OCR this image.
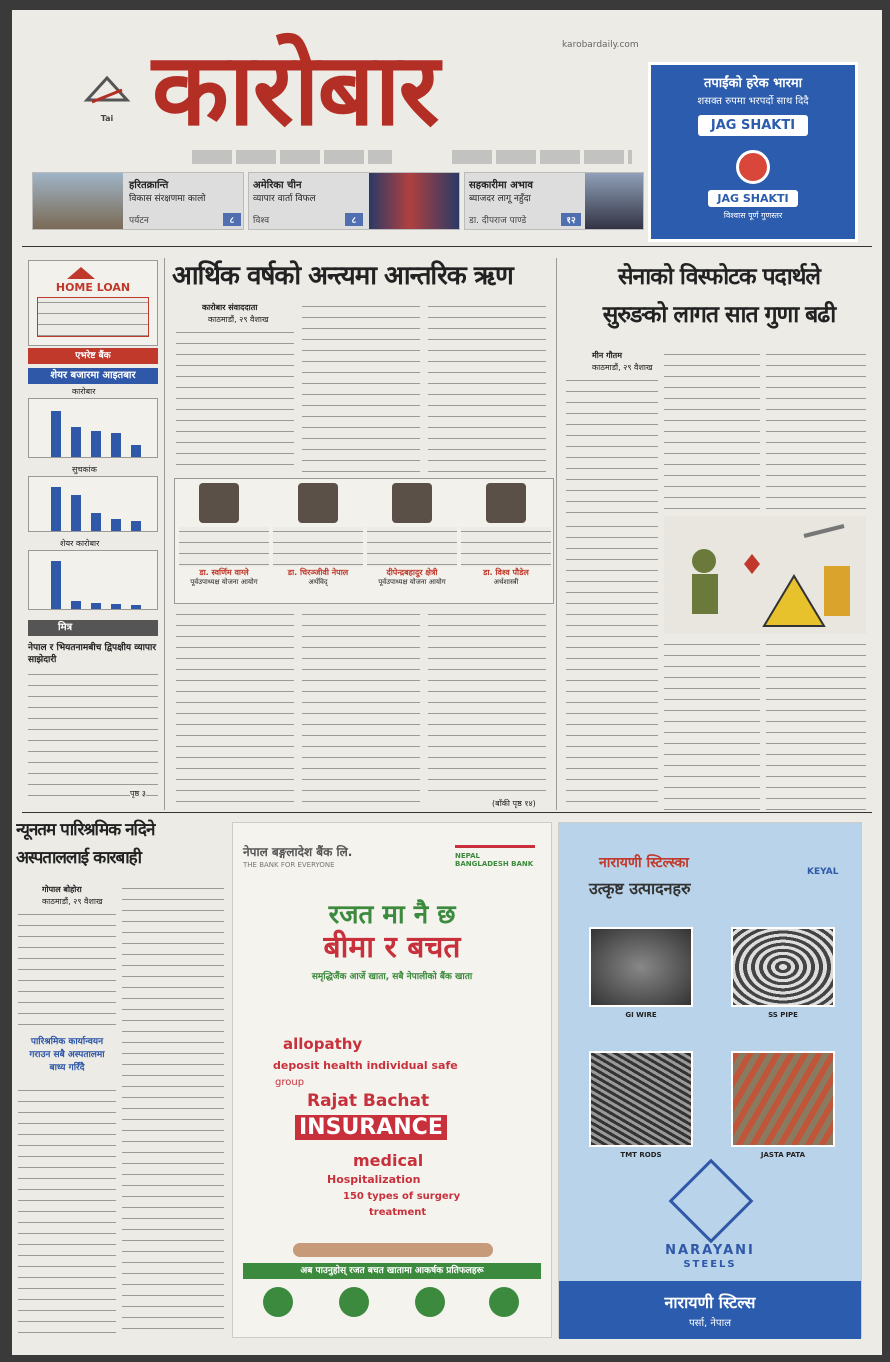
Tai कारोबार	karobardaily.com
तपाईंको हरेक भारमा
शसक्त रुपमा भरपर्दो साथ दिदै
JAG SHAKTI
JAG SHAKTI
विश्वास पूर्ण गुणस्तर
हरितक्रान्ति
विकास संरक्षणमा कालो
पर्यटन	८
अमेरिका चीन
व्यापार वार्ता विफल
विश्व	८
सहकारीमा अभाव
ब्याजदर लागू नहुँदा
डा. दीपराज पाण्डे	१२
HOME LOAN
एभरेष्ट बैंक
शेयर बजारमा आइतबार
कारोबार
सुचकांक
शेयर कारोबार
मित्र
नेपाल र भियतनामबीच द्विपक्षीय व्यापार साझेदारी
पृष्ठ ३
आर्थिक वर्षको अन्त्यमा आन्तरिक ऋण
कारोबार संवाददाता
काठमाडौं, २९ वैशाख
डा. स्वर्णिम वाग्ले
पूर्वउपाध्यक्ष योजना आयोग
डा. चिरञ्जीवी नेपाल
अर्थविद्
दीपेन्द्रबहादुर क्षेत्री
पूर्वउपाध्यक्ष योजना आयोग
डा. विश्व पौडेल
अर्थशास्त्री
(बाँकी पृष्ठ १४)
सेनाको विस्फोटक पदार्थले
सुरुङको लागत सात गुणा बढी
मीन गौतम
काठमाडौं, २९ वैशाख
न्यूनतम पारिश्रमिक नदिने
अस्पताललाई कारबाही
गोपाल बोहोरा
काठमाडौं, २९ वैशाख
पारिश्रमिक कार्यान्वयन गराउन सबै अस्पतालमा बाध्य गरिँदै
नेपाल बङ्गलादेश बैंक लि.
THE BANK FOR EVERYONE
NEPAL BANGLADESH BANK
रजत मा नै छ
बीमा र बचत
समृद्धिजैंक आर्जे खाता, सबै नेपालीको बैंक खाता
allopathy
deposit health individual safe
group
Rajat Bachat
INSURANCE
medical
Hospitalization
150 types of surgery
treatment
अब पाउनुहोस् रजत बचत खातामा आकर्षक प्रतिफलहरू
नारायणी स्टिल्स्का
उत्कृष्ट उत्पादनहरु
KEYAL
GI WIRE	SS PIPE
TMT RODS	JASTA PATA
NARAYANI
STEELS
नारायणी स्टिल्स
पर्सा, नेपाल
